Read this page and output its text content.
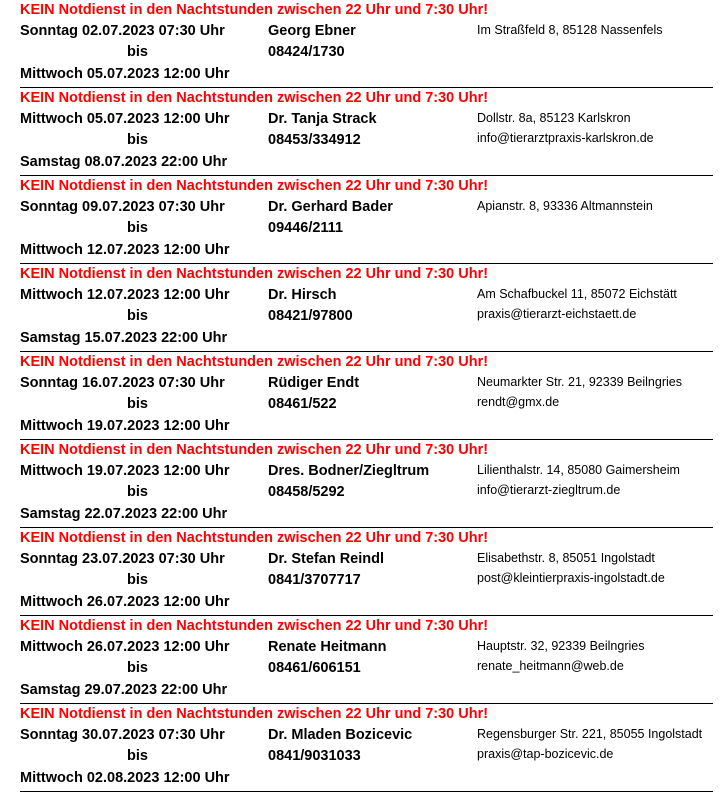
KEIN Notdienst in den Nachtstunden zwischen 22 Uhr und 7:30 Uhr!
Sonntag 02.07.2023 07:30 Uhr
bis
Mittwoch 05.07.2023 12:00 Uhr
Georg Ebner
08424/1730
Im Straßfeld 8, 85128 Nassenfels
KEIN Notdienst in den Nachtstunden zwischen 22 Uhr und 7:30 Uhr!
Mittwoch 05.07.2023 12:00 Uhr
bis
Samstag 08.07.2023 22:00 Uhr
Dr. Tanja Strack
08453/334912
Dollstr. 8a, 85123 Karlskron
info@tierarztpraxis-karlskron.de
KEIN Notdienst in den Nachtstunden zwischen 22 Uhr und 7:30 Uhr!
Sonntag 09.07.2023 07:30 Uhr
bis
Mittwoch 12.07.2023 12:00 Uhr
Dr. Gerhard Bader
09446/2111
Apianstr. 8, 93336 Altmannstein
KEIN Notdienst in den Nachtstunden zwischen 22 Uhr und 7:30 Uhr!
Mittwoch 12.07.2023 12:00 Uhr
bis
Samstag 15.07.2023 22:00 Uhr
Dr. Hirsch
08421/97800
Am Schafbuckel 11, 85072 Eichstätt
praxis@tierarzt-eichstaett.de
KEIN Notdienst in den Nachtstunden zwischen 22 Uhr und 7:30 Uhr!
Sonntag 16.07.2023 07:30 Uhr
bis
Mittwoch 19.07.2023 12:00 Uhr
Rüdiger Endt
08461/522
Neumarkter Str. 21, 92339 Beilngries
rendt@gmx.de
KEIN Notdienst in den Nachtstunden zwischen 22 Uhr und 7:30 Uhr!
Mittwoch 19.07.2023 12:00 Uhr
bis
Samstag 22.07.2023 22:00 Uhr
Dres. Bodner/Ziegltrum
08458/5292
Lilienthalstr. 14, 85080 Gaimersheim
info@tierarzt-ziegltrum.de
KEIN Notdienst in den Nachtstunden zwischen 22 Uhr und 7:30 Uhr!
Sonntag 23.07.2023 07:30 Uhr
bis
Mittwoch 26.07.2023 12:00 Uhr
Dr. Stefan Reindl
0841/3707717
Elisabethstr. 8, 85051 Ingolstadt
post@kleintierpraxis-ingolstadt.de
KEIN Notdienst in den Nachtstunden zwischen 22 Uhr und 7:30 Uhr!
Mittwoch 26.07.2023 12:00 Uhr
bis
Samstag 29.07.2023 22:00 Uhr
Renate Heitmann
08461/606151
Hauptstr. 32, 92339 Beilngries
renate_heitmann@web.de
KEIN Notdienst in den Nachtstunden zwischen 22 Uhr und 7:30 Uhr!
Sonntag 30.07.2023 07:30 Uhr
bis
Mittwoch 02.08.2023 12:00 Uhr
Dr. Mladen Bozicevic
0841/9031033
Regensburger Str. 221, 85055 Ingolstadt
praxis@tap-bozicevic.de
